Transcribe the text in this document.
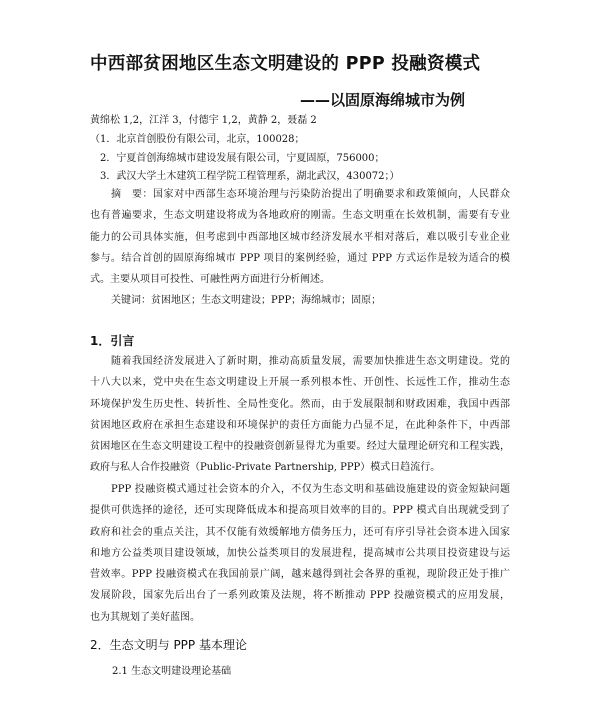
中西部贫困地区生态文明建设的 PPP 投融资模式
——以固原海绵城市为例
黄绵松 1,2，江洋 3，付德宇 1,2，黄静 2，聂磊 2
（1．北京首创股份有限公司，北京，100028；
2．宁夏首创海绵城市建设发展有限公司，宁夏固原，756000；
3．武汉大学土木建筑工程学院工程管理系，湖北武汉，430072；）
摘　要：国家对中西部生态环境治理与污染防治提出了明确要求和政策倾向，人民群众
也有普遍要求，生态文明建设将成为各地政府的刚需。生态文明重在长效机制，需要有专业
能力的公司具体实施，但考虑到中西部地区城市经济发展水平相对落后，难以吸引专业企业
参与。结合首创的固原海绵城市 PPP 项目的案例经验，通过 PPP 方式运作是较为适合的模
式。主要从项目可投性、可融性两方面进行分析阐述。
关键词：贫困地区；生态文明建设；PPP；海绵城市；固原；
1．引言
随着我国经济发展进入了新时期，推动高质量发展，需要加快推进生态文明建设。党的
十八大以来，党中央在生态文明建设上开展一系列根本性、开创性、长远性工作，推动生态
环境保护发生历史性、转折性、全局性变化。然而，由于发展限制和财政困难，我国中西部
贫困地区政府在承担生态建设和环境保护的责任方面能力凸显不足，在此种条件下，中西部
贫困地区在生态文明建设工程中的投融资创新显得尤为重要。经过大量理论研究和工程实践，
政府与私人合作投融资（Public-Private Partnership, PPP）模式日趋流行。
PPP 投融资模式通过社会资本的介入，不仅为生态文明和基础设施建设的资金短缺问题
提供可供选择的途径，还可实现降低成本和提高项目效率的目的。PPP 模式自出现就受到了
政府和社会的重点关注，其不仅能有效缓解地方债务压力，还可有序引导社会资本进入国家
和地方公益类项目建设领域，加快公益类项目的发展进程，提高城市公共项目投资建设与运
营效率。PPP 投融资模式在我国前景广阔，越来越得到社会各界的重视，现阶段正处于推广
发展阶段，国家先后出台了一系列政策及法规，将不断推动 PPP 投融资模式的应用发展，
也为其规划了美好蓝图。
2．生态文明与 PPP 基本理论
2.1 生态文明建设理论基础
